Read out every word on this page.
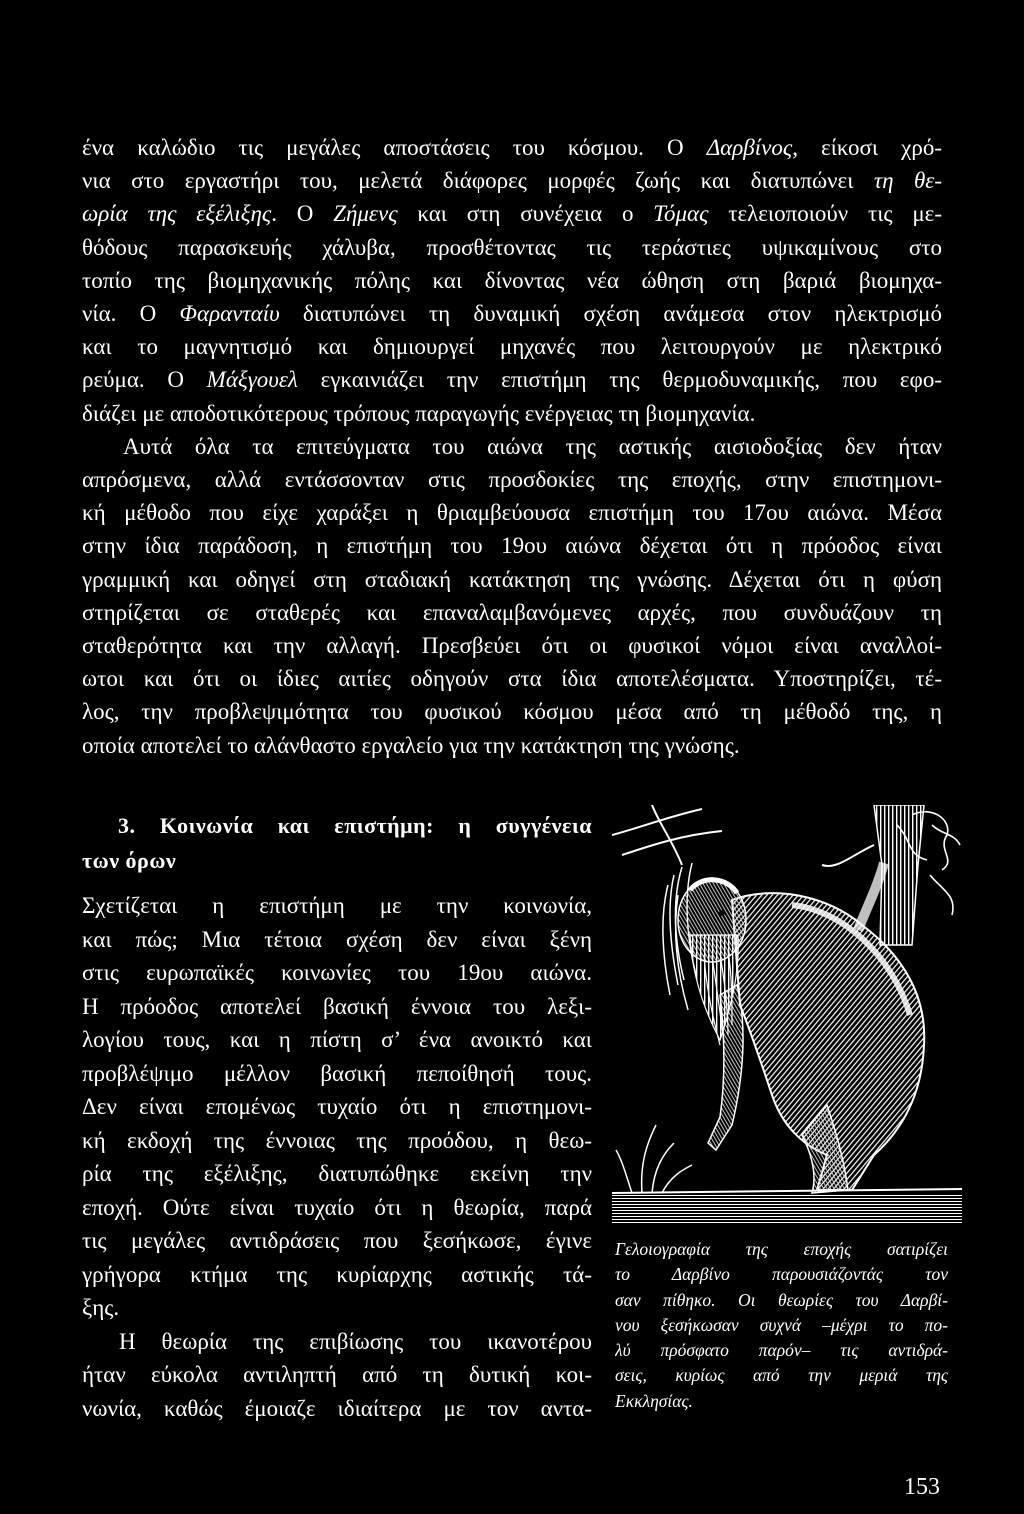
ένα καλώδιο τις μεγάλες αποστάσεις του κόσμου. Ο Δαρβίνος, είκοσι χρό-
νια στο εργαστήρι του, μελετά διάφορες μορφές ζωής και διατυπώνει τη θε-
ωρία της εξέλιξης. Ο Ζήμενς και στη συνέχεια ο Τόμας τελειοποιούν τις με-
θόδους παρασκευής χάλυβα, προσθέτοντας τις τεράστιες υψικαμίνους στο
τοπίο της βιομηχανικής πόλης και δίνοντας νέα ώθηση στη βαριά βιομηχα-
νία. Ο Φαρανταίυ διατυπώνει τη δυναμική σχέση ανάμεσα στον ηλεκτρισμό
και το μαγνητισμό και δημιουργεί μηχανές που λειτουργούν με ηλεκτρικό
ρεύμα. Ο Μάξγουελ εγκαινιάζει την επιστήμη της θερμοδυναμικής, που εφο-
διάζει με αποδοτικότερους τρόπους παραγωγής ενέργειας τη βιομηχανία.
Αυτά όλα τα επιτεύγματα του αιώνα της αστικής αισιοδοξίας δεν ήταν
απρόσμενα, αλλά εντάσσονταν στις προσδοκίες της εποχής, στην επιστημονι-
κή μέθοδο που είχε χαράξει η θριαμβεύουσα επιστήμη του 17ου αιώνα. Μέσα
στην ίδια παράδοση, η επιστήμη του 19ου αιώνα δέχεται ότι η πρόοδος είναι
γραμμική και οδηγεί στη σταδιακή κατάκτηση της γνώσης. Δέχεται ότι η φύση
στηρίζεται σε σταθερές και επαναλαμβανόμενες αρχές, που συνδυάζουν τη
σταθερότητα και την αλλαγή. Πρεσβεύει ότι οι φυσικοί νόμοι είναι αναλλοί-
ωτοι και ότι οι ίδιες αιτίες οδηγούν στα ίδια αποτελέσματα. Υποστηρίζει, τέ-
λος, την προβλεψιμότητα του φυσικού κόσμου μέσα από τη μέθοδό της, η
οποία αποτελεί το αλάνθαστο εργαλείο για την κατάκτηση της γνώσης.
3. Κοινωνία και επιστήμη: η συγγένεια
των όρων
Σχετίζεται η επιστήμη με την κοινωνία,
και πώς; Μια τέτοια σχέση δεν είναι ξένη
στις ευρωπαϊκές κοινωνίες του 19ου αιώνα.
Η πρόοδος αποτελεί βασική έννοια του λεξι-
λογίου τους, και η πίστη σ’ ένα ανοικτό και
προβλέψιμο μέλλον βασική πεποίθησή τους.
Δεν είναι επομένως τυχαίο ότι η επιστημονι-
κή εκδοχή της έννοιας της προόδου, η θεω-
ρία της εξέλιξης, διατυπώθηκε εκείνη την
εποχή. Ούτε είναι τυχαίο ότι η θεωρία, παρά
τις μεγάλες αντιδράσεις που ξεσήκωσε, έγινε
γρήγορα κτήμα της κυρίαρχης αστικής τά-
ξης.
Η θεωρία της επιβίωσης του ικανοτέρου
ήταν εύκολα αντιληπτή από τη δυτική κοι-
νωνία, καθώς έμοιαζε ιδιαίτερα με τον αντα-
Γελοιογραφία της εποχής σατιρίζει
το Δαρβίνο παρουσιάζοντάς τον
σαν πίθηκο. Οι θεωρίες του Δαρβί-
νου ξεσήκωσαν συχνά –μέχρι το πο-
λύ πρόσφατο παρόν– τις αντιδρά-
σεις, κυρίως από την μεριά της
Εκκλησίας.
153
